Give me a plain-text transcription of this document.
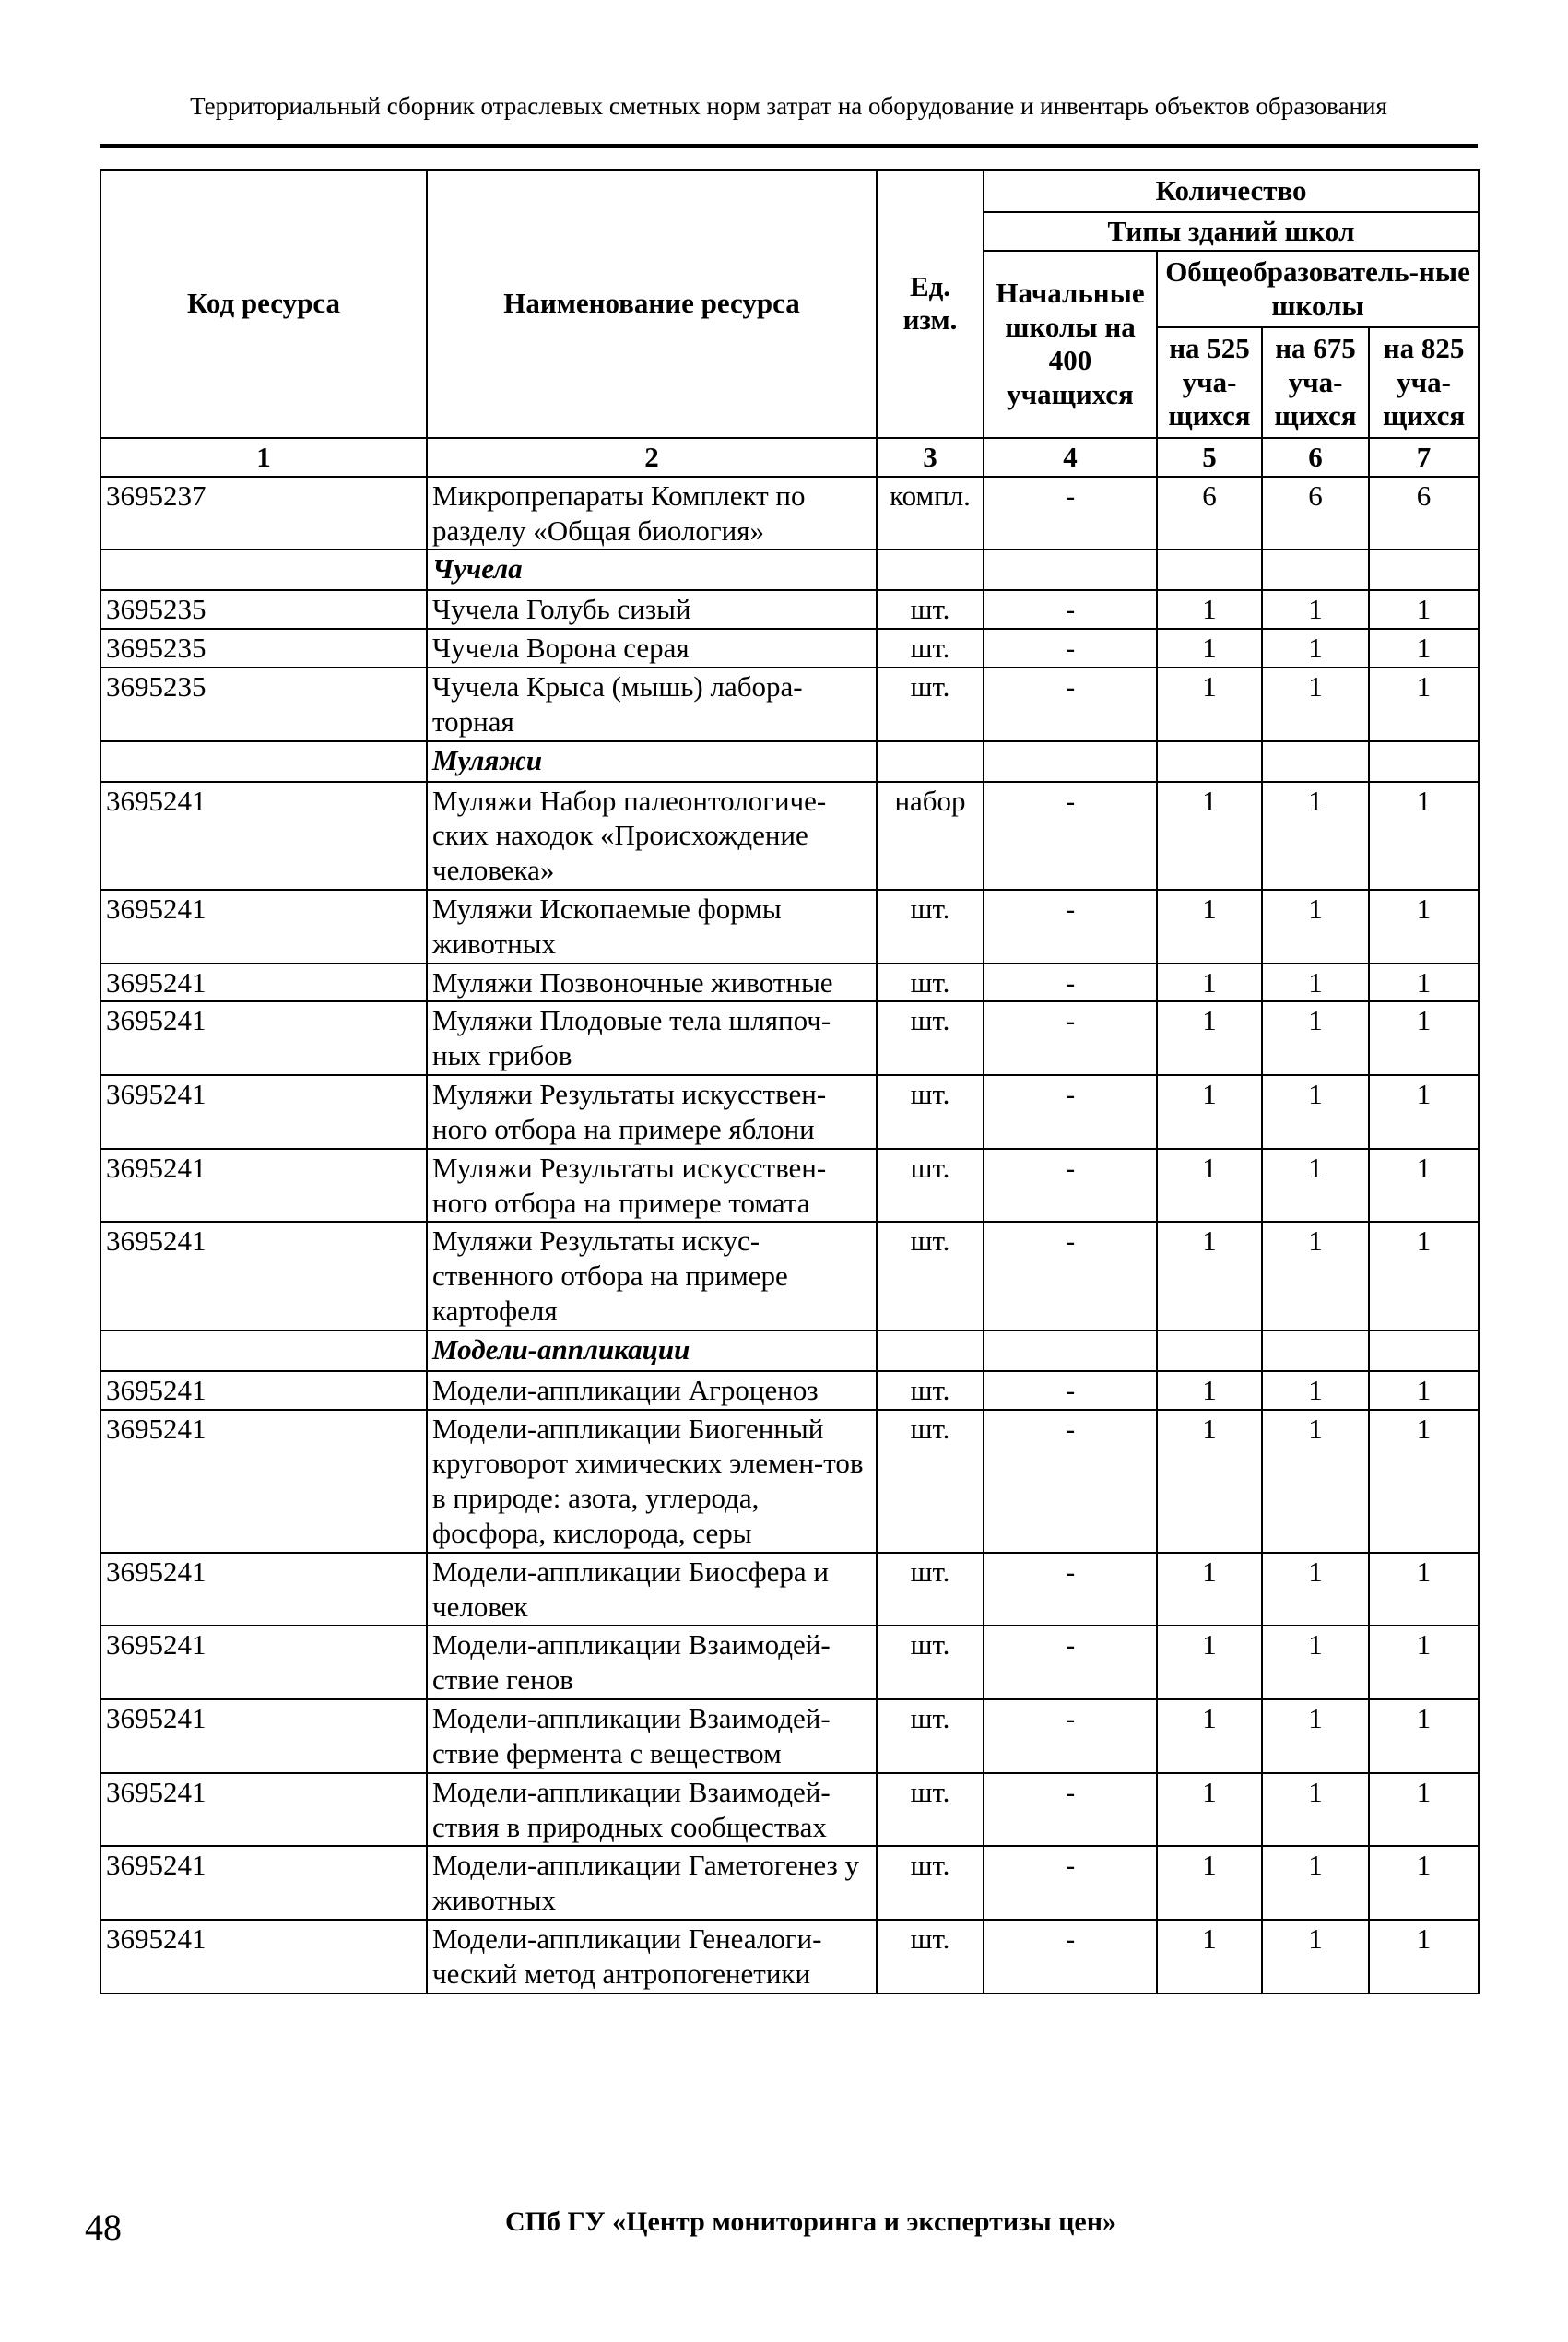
Территориальный сборник отраслевых сметных норм затрат на оборудование и инвентарь объектов образования
Код ресурса	Наименование ресурса	Ед. изм.	Количество			
			Типы зданий школ			
			Начальные школы на 400 учащихся	Общеобразователь-ные школы		
				на 525 уча-щихся	на 675 уча-щихся	на 825 уча-щихся
1	2	3	4	5	6	7
3695237	Микропрепараты Комплект по разделу «Общая биология»	компл.	-	6	6	6
	Чучела					
3695235	Чучела Голубь сизый	шт.	-	1	1	1
3695235	Чучела Ворона серая	шт.	-	1	1	1
3695235	Чучела Крыса (мышь) лабора-торная	шт.	-	1	1	1
	Муляжи					
3695241	Муляжи Набор палеонтологиче-ских находок «Происхождение человека»	набор	-	1	1	1
3695241	Муляжи Ископаемые формы животных	шт.	-	1	1	1
3695241	Муляжи Позвоночные животные	шт.	-	1	1	1
3695241	Муляжи Плодовые тела шляпоч-ных грибов	шт.	-	1	1	1
3695241	Муляжи Результаты искусствен-ного отбора на примере яблони	шт.	-	1	1	1
3695241	Муляжи Результаты искусствен-ного отбора на примере томата	шт.	-	1	1	1
3695241	Муляжи Результаты искус-ственного отбора на примере картофеля	шт.	-	1	1	1
	Модели-аппликации					
3695241	Модели-аппликации Агроценоз	шт.	-	1	1	1
3695241	Модели-аппликации Биогенный круговорот химических элемен-тов в природе: азота, углерода, фосфора, кислорода, серы	шт.	-	1	1	1
3695241	Модели-аппликации Биосфера и человек	шт.	-	1	1	1
3695241	Модели-аппликации Взаимодей-ствие генов	шт.	-	1	1	1
3695241	Модели-аппликации Взаимодей-ствие фермента с веществом	шт.	-	1	1	1
3695241	Модели-аппликации Взаимодей-ствия в природных сообществах	шт.	-	1	1	1
3695241	Модели-аппликации Гаметогенез у животных	шт.	-	1	1	1
3695241	Модели-аппликации Генеалоги-ческий метод антропогенетики	шт.	-	1	1	1
48	СПб ГУ «Центр мониторинга и экспертизы цен»
